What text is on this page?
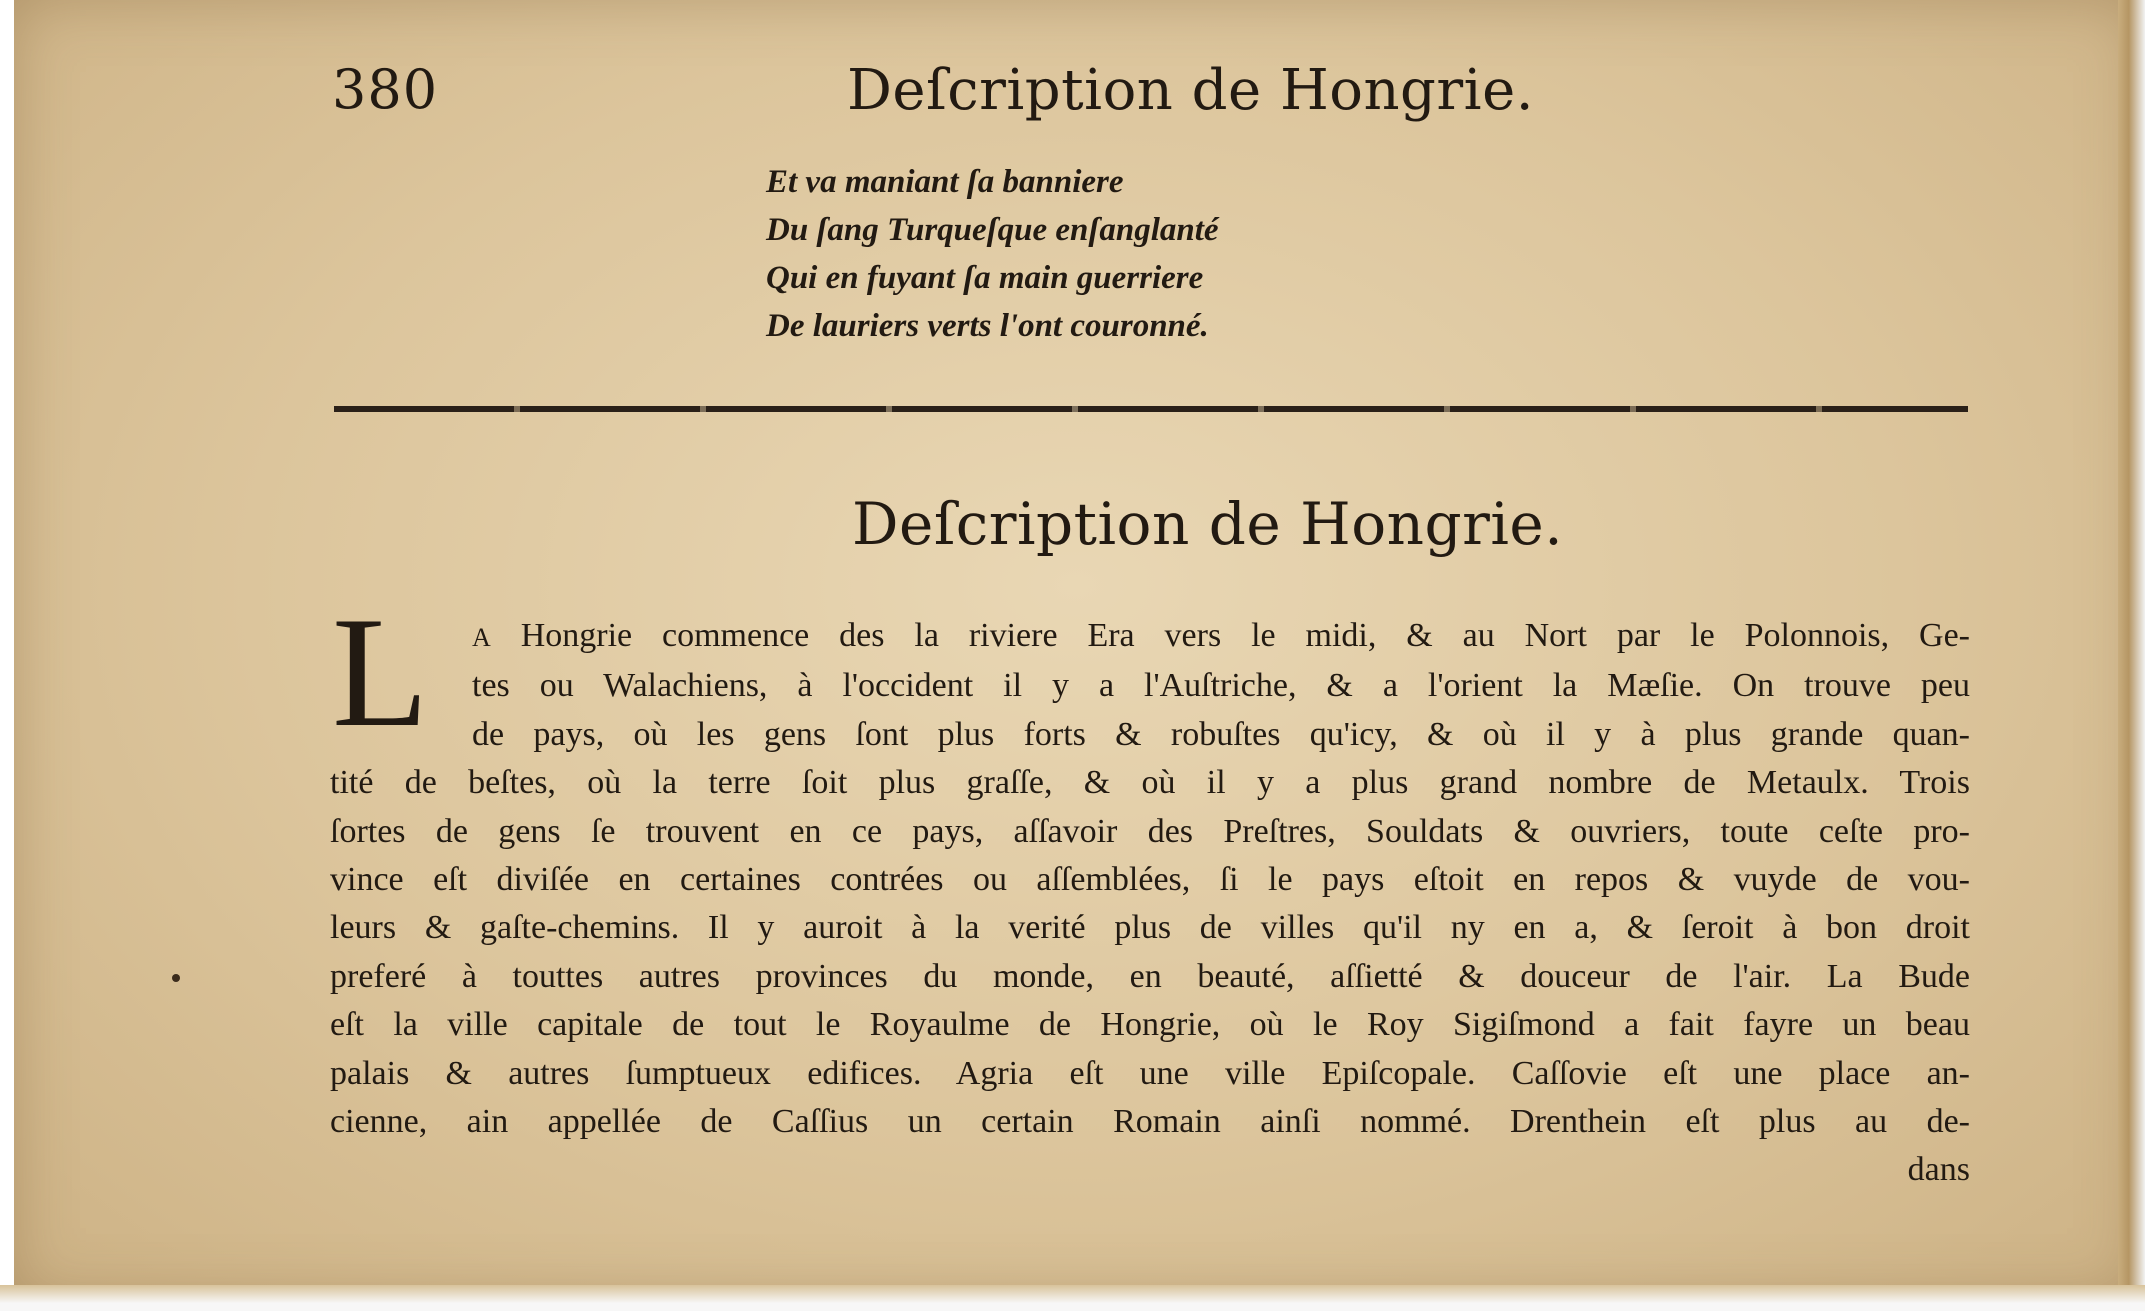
380	Deſcription de Hongrie.
Et va maniant ſa banniere
Du ſang Turqueſque enſanglanté
Qui en fuyant ſa main guerriere
De lauriers verts l'ont couronné.
Deſcription de Hongrie.
L	A Hongrie commence des la riviere Era vers le midi, & au Nort par le Polonnois, Ge-
tes ou Walachiens, à l'occident il y a l'Auſtriche, & a l'orient la Mæſie. On trouve peu
de pays, où les gens ſont plus forts & robuſtes qu'icy, & où il y à plus grande quan-
tité de beſtes, où la terre ſoit plus graſſe, & où il y a plus grand nombre de Metaulx. Trois
ſortes de gens ſe trouvent en ce pays, aſſavoir des Preſtres, Souldats & ouvriers, toute ceſte pro-
vince eſt diviſée en certaines contrées ou aſſemblées, ſi le pays eſtoit en repos & vuyde de vou-
leurs & gaſte-chemins. Il y auroit à la verité plus de villes qu'il ny en a, & ſeroit à bon droit
preferé à touttes autres provinces du monde, en beauté, aſſietté & douceur de l'air. La Bude
eſt la ville capitale de tout le Royaulme de Hongrie, où le Roy Sigiſmond a fait fayre un beau
palais & autres ſumptueux edifices. Agria eſt une ville Epiſcopale. Caſſovie eſt une place an-
cienne, ain appellée de Caſſius un certain Romain ainſi nommé. Drenthein eſt plus au de-
dans
